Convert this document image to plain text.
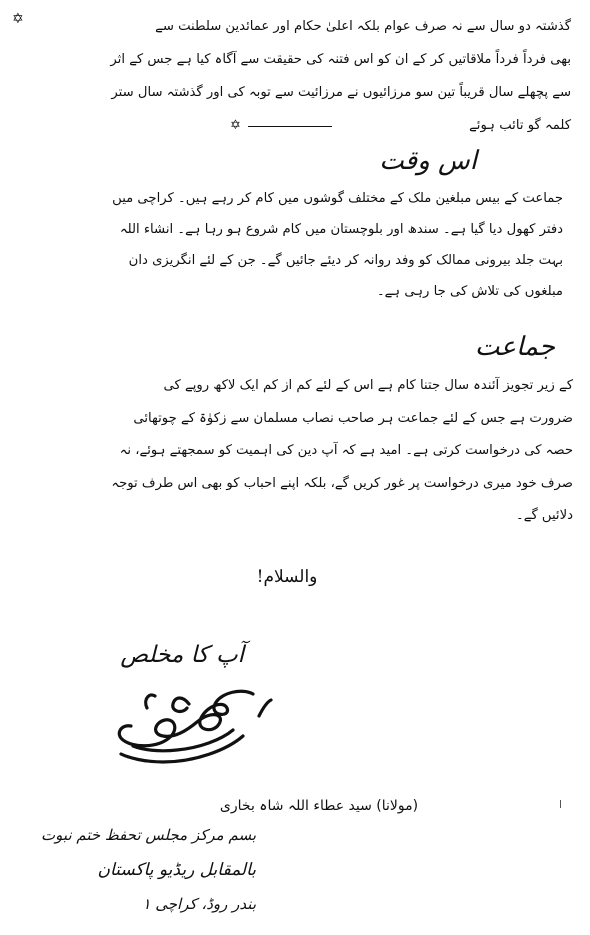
✡	گذشتہ دو سال سے نہ صرف عوام بلکہ اعلیٰ حکام اور عمائدین سلطنت سے
بھی فرداً فرداً ملاقاتیں کر کے ان کو اس فتنہ کی حقیقت سے آگاہ کیا ہے جس کے اثر
سے پچھلے سال قریباً تین سو مرزائیوں نے مرزائیت سے توبہ کی اور گذشتہ سال ستر
کلمہ گو تائب ہوئے
✡
اس وقت
جماعت کے بیس مبلغین ملک کے مختلف گوشوں میں کام کر رہے ہیں۔ کراچی میں
دفتر کھول دیا گیا ہے۔ سندھ اور بلوچستان میں کام شروع ہو رہا ہے۔ انشاء اللہ
بہت جلد بیرونی ممالک کو وفد روانہ کر دیئے جائیں گے۔ جن کے لئے انگریزی دان
مبلغوں کی تلاش کی جا رہی ہے۔
جماعت
کے زیر تجویز آئندہ سال جتنا کام ہے اس کے لئے کم از کم ایک لاکھ روپے کی
ضرورت ہے جس کے لئے جماعت ہر صاحب نصاب مسلمان سے زکوٰۃ کے چوتھائی
حصہ کی درخواست کرتی ہے۔ امید ہے کہ آپ دین کی اہمیت کو سمجھتے ہوئے، نہ
صرف خود میری درخواست پر غور کریں گے، بلکہ اپنے احباب کو بھی اس طرف توجہ
دلائیں گے۔
والسلام!
آپ کا مخلص
(مولانا) سید عطاء اللہ شاہ بخاری
بسم مرکز مجلس تحفظ ختم نبوت
بالمقابل ریڈیو پاکستان
بندر روڈ، کراچی ١
